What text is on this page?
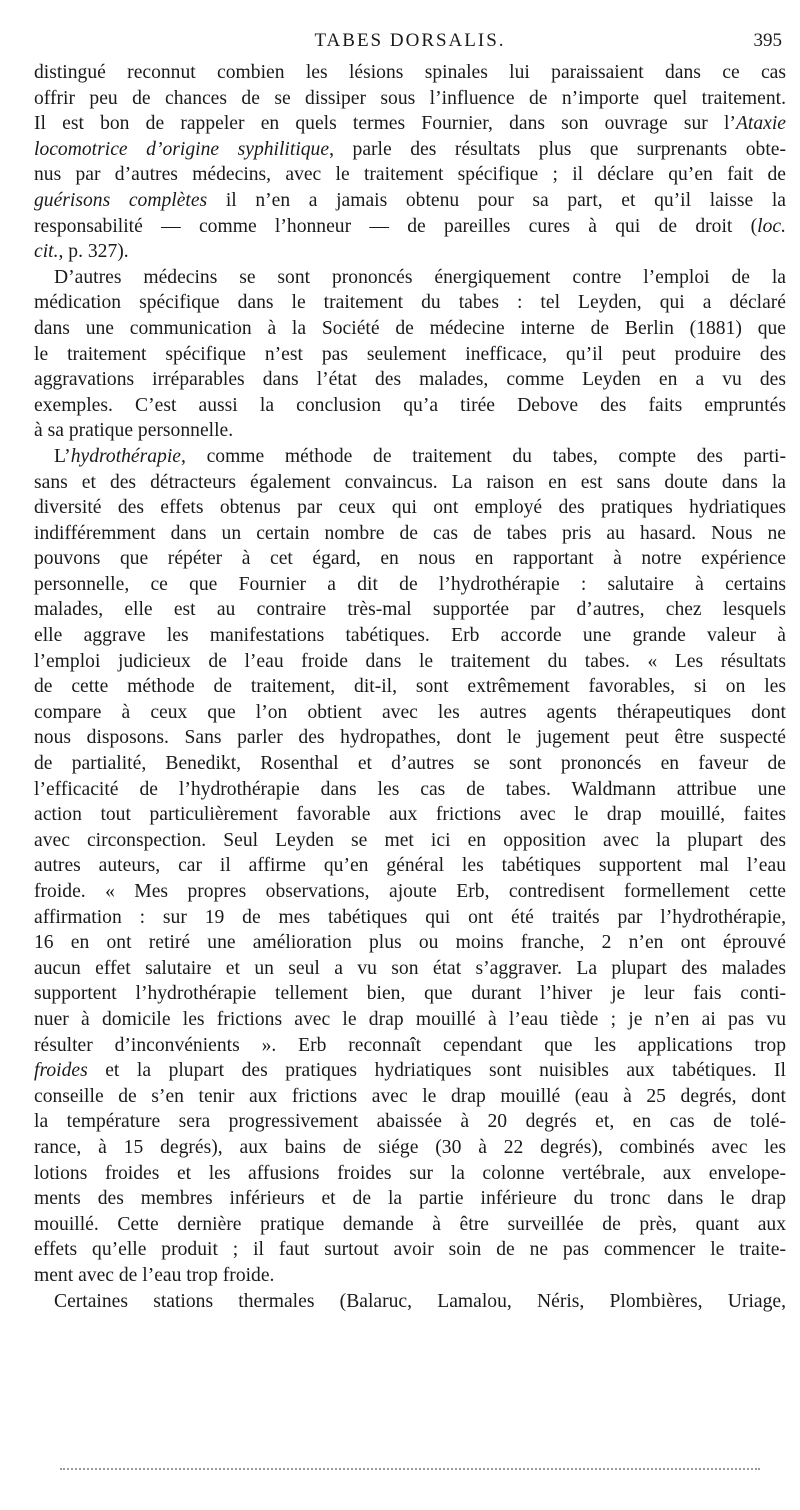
TABES DORSALIS.	395
distingué reconnut combien les lésions spinales lui paraissaient dans ce cas
offrir peu de chances de se dissiper sous l’influence de n’importe quel traitement.
Il est bon de rappeler en quels termes Fournier, dans son ouvrage sur l’Ataxie
locomotrice d’origine syphilitique, parle des résultats plus que surprenants obte-
nus par d’autres médecins, avec le traitement spécifique ; il déclare qu’en fait de
guérisons complètes il n’en a jamais obtenu pour sa part, et qu’il laisse la
responsabilité — comme l’honneur — de pareilles cures à qui de droit (loc.
cit., p. 327).
D’autres médecins se sont prononcés énergiquement contre l’emploi de la
médication spécifique dans le traitement du tabes : tel Leyden, qui a déclaré
dans une communication à la Société de médecine interne de Berlin (1881) que
le traitement spécifique n’est pas seulement inefficace, qu’il peut produire des
aggravations irréparables dans l’état des malades, comme Leyden en a vu des
exemples. C’est aussi la conclusion qu’a tirée Debove des faits empruntés
à sa pratique personnelle.
L’hydrothérapie, comme méthode de traitement du tabes, compte des parti-
sans et des détracteurs également convaincus. La raison en est sans doute dans la
diversité des effets obtenus par ceux qui ont employé des pratiques hydriatiques
indifféremment dans un certain nombre de cas de tabes pris au hasard. Nous ne
pouvons que répéter à cet égard, en nous en rapportant à notre expérience
personnelle, ce que Fournier a dit de l’hydrothérapie : salutaire à certains
malades, elle est au contraire très-mal supportée par d’autres, chez lesquels
elle aggrave les manifestations tabétiques. Erb accorde une grande valeur à
l’emploi judicieux de l’eau froide dans le traitement du tabes. « Les résultats
de cette méthode de traitement, dit-il, sont extrêmement favorables, si on les
compare à ceux que l’on obtient avec les autres agents thérapeutiques dont
nous disposons. Sans parler des hydropathes, dont le jugement peut être suspecté
de partialité, Benedikt, Rosenthal et d’autres se sont prononcés en faveur de
l’efficacité de l’hydrothérapie dans les cas de tabes. Waldmann attribue une
action tout particulièrement favorable aux frictions avec le drap mouillé, faites
avec circonspection. Seul Leyden se met ici en opposition avec la plupart des
autres auteurs, car il affirme qu’en général les tabétiques supportent mal l’eau
froide. « Mes propres observations, ajoute Erb, contredisent formellement cette
affirmation : sur 19 de mes tabétiques qui ont été traités par l’hydrothérapie,
16 en ont retiré une amélioration plus ou moins franche, 2 n’en ont éprouvé
aucun effet salutaire et un seul a vu son état s’aggraver. La plupart des malades
supportent l’hydrothérapie tellement bien, que durant l’hiver je leur fais conti-
nuer à domicile les frictions avec le drap mouillé à l’eau tiède ; je n’en ai pas vu
résulter d’inconvénients ». Erb reconnaît cependant que les applications trop
froides et la plupart des pratiques hydriatiques sont nuisibles aux tabétiques. Il
conseille de s’en tenir aux frictions avec le drap mouillé (eau à 25 degrés, dont
la température sera progressivement abaissée à 20 degrés et, en cas de tolé-
rance, à 15 degrés), aux bains de siége (30 à 22 degrés), combinés avec les
lotions froides et les affusions froides sur la colonne vertébrale, aux envelope-
ments des membres inférieurs et de la partie inférieure du tronc dans le drap
mouillé. Cette dernière pratique demande à être surveillée de près, quant aux
effets qu’elle produit ; il faut surtout avoir soin de ne pas commencer le traite-
ment avec de l’eau trop froide.
Certaines stations thermales (Balaruc, Lamalou, Néris, Plombières, Uriage,
